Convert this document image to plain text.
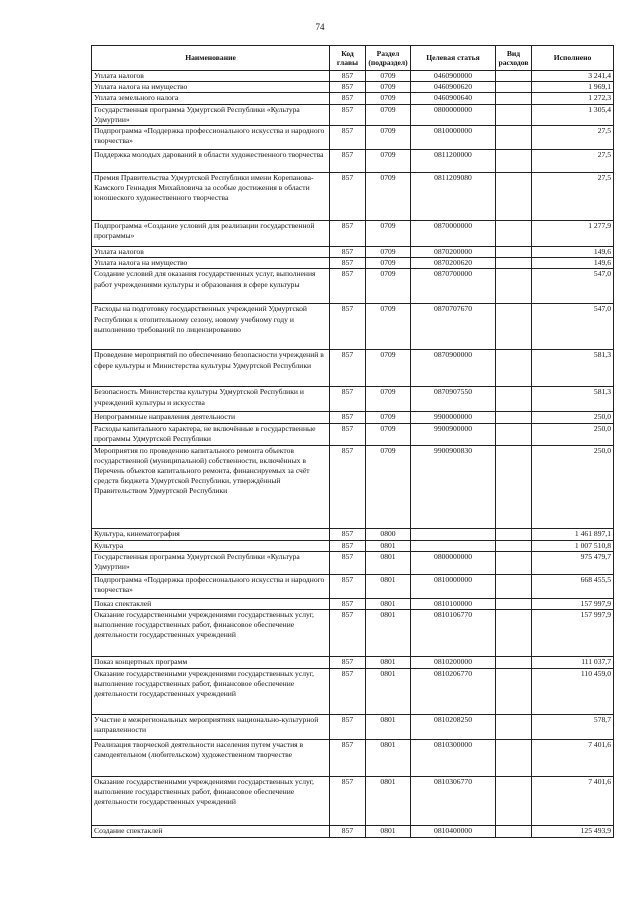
74
Наименование	Код главы	Раздел (подраздел)	Целевая статья	Вид расходов	Исполнено
Уплата налогов	857	0709	0460900000		3 241,4
Уплата налога на имущество	857	0709	0460900620		1 969,1
Уплата земельного налога	857	0709	0460900640		1 272,3
Государственная программа Удмуртской Республики «Культура Удмуртии»	857	0709	0800000000		1 305,4
Подпрограмма «Поддержка профессионального искусства и народного творчества»	857	0709	0810000000		27,5
Поддержка молодых дарований в области художественного творчества	857	0709	0811200000		27,5
Премия Правительства Удмуртской Республики имени Корепанова-Камского Геннадия Михайловича за особые достижения в области юношеского художественного творчества	857	0709	0811209080		27,5
Подпрограмма «Создание условий для реализации государственной программы»	857	0709	0870000000		1 277,9
Уплата налогов	857	0709	0870200000		149,6
Уплата налога на имущество	857	0709	0870200620		149,6
Создание условий для оказания государственных услуг, выполнения работ учреждениями культуры и образования в сфере культуры	857	0709	0870700000		547,0
Расходы на подготовку государственных учреждений Удмуртской Республики к отопительному сезону, новому учебному году и выполнению требований по лицензированию	857	0709	0870707670		547,0
Проведение мероприятий по обеспечению безопасности учреждений в сфере культуры и Министерства культуры Удмуртской Республики	857	0709	0870900000		581,3
Безопасность Министерства культуры Удмуртской Республики и учреждений культуры и искусства	857	0709	0870907550		581,3
Непрограммные направления деятельности	857	0709	9900000000		250,0
Расходы капитального характера, не включённые в государственные программы Удмуртской Республики	857	0709	9900900000		250,0
Мероприятия по проведению капитального ремонта объектов государственной (муниципальной) собственности, включённых в Перечень объектов капитального ремонта, финансируемых за счёт средств бюджета Удмуртской Республики, утверждённый Правительством Удмуртской Республики	857	0709	9900900830		250,0
Культура, кинематография	857	0800			1 461 897,1
Культура	857	0801			1 007 510,8
Государственная программа Удмуртской Республики «Культура Удмуртии»	857	0801	0800000000		975 479,7
Подпрограмма «Поддержка профессионального искусства и народного творчества»	857	0801	0810000000		668 455,5
Показ спектаклей	857	0801	0810100000		157 997,9
Оказание государственными учреждениями государственных услуг, выполнение государственных работ, финансовое обеспечение деятельности государственных учреждений	857	0801	0810106770		157 997,9
Показ концертных программ	857	0801	0810200000		111 037,7
Оказание государственными учреждениями государственных услуг, выполнение государственных работ, финансовое обеспечение деятельности государственных учреждений	857	0801	0810206770		110 459,0
Участие в межрегиональных мероприятиях национально-культурной направленности	857	0801	0810208250		578,7
Реализация творческой деятельности населения путем участия в самодеятельном (любительском) художественном творчестве	857	0801	0810300000		7 401,6
Оказание государственными учреждениями государственных услуг, выполнение государственных работ, финансовое обеспечение деятельности государственных учреждений	857	0801	0810306770		7 401,6
Создание спектаклей	857	0801	0810400000		125 493,9
